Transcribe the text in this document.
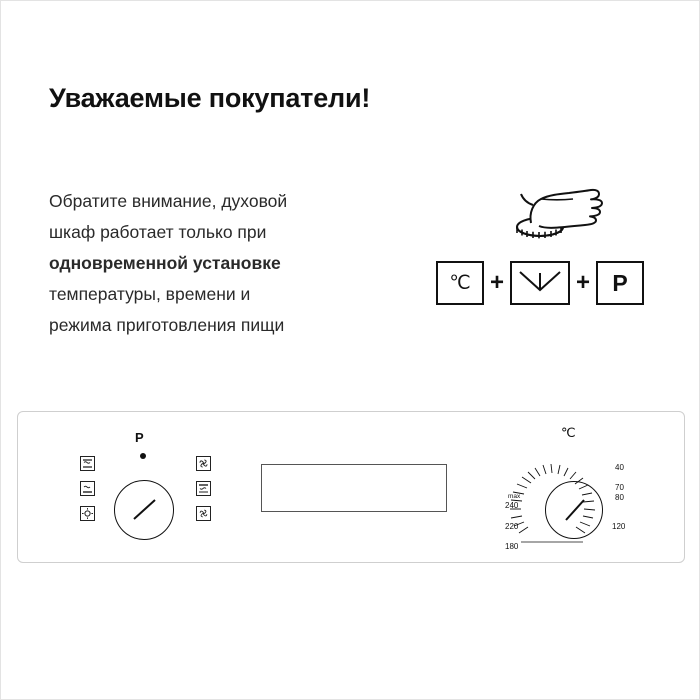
Уважаемые покупатели!
Обратите внимание, духовой
шкаф работает только при
одновременной установке
температуры, времени и
режима приготовления пищи
℃ +	+ P
P	℃
max
240
220
180
120
80
70
40
